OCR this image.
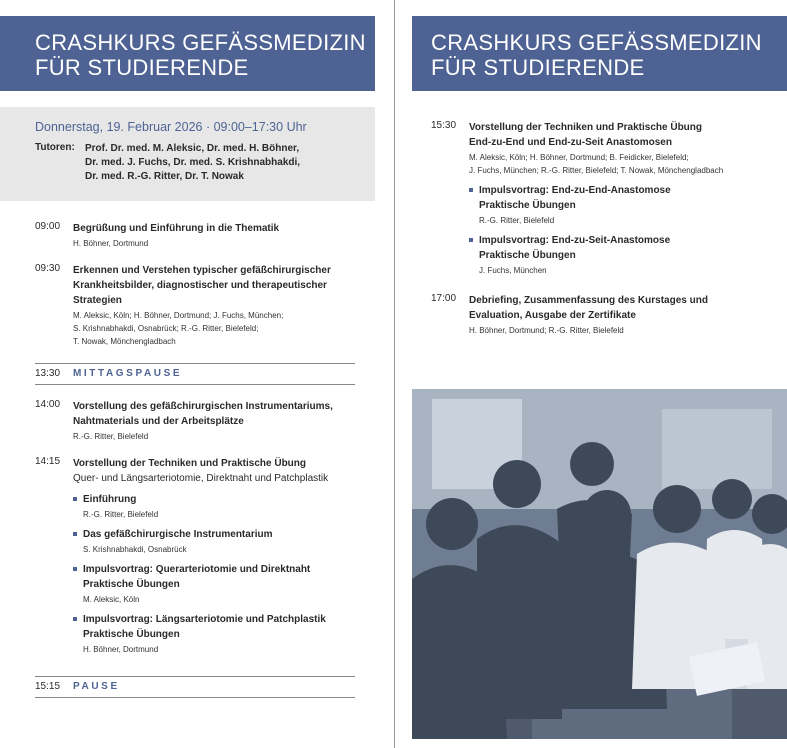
CRASHKURS GEFÄSSMEDIZIN
FÜR STUDIERENDE
Donnerstag, 19. Februar 2026 · 09:00–17:30 Uhr
Tutoren: Prof. Dr. med. M. Aleksic, Dr. med. H. Böhner,
Dr. med. J. Fuchs, Dr. med. S. Krishnabhakdi,
Dr. med. R.-G. Ritter, Dr. T. Nowak
09:00 Begrüßung und Einführung in die Thematik
H. Böhner, Dortmund
09:30 Erkennen und Verstehen typischer gefäßchirurgischer
Krankheitsbilder, diagnostischer und therapeutischer
Strategien
M. Aleksic, Köln; H. Böhner, Dortmund; J. Fuchs, München;
S. Krishnabhakdi, Osnabrück; R.-G. Ritter, Bielefeld;
T. Nowak, Mönchengladbach
13:30 MITTAGSPAUSE
14:00 Vorstellung des gefäßchirurgischen Instrumentariums,
Nahtmaterials und der Arbeitsplätze
R.-G. Ritter, Bielefeld
14:15 Vorstellung der Techniken und Praktische Übung
Quer- und Längsarteriotomie, Direktnaht und Patchplastik
Einführung
R.-G. Ritter, Bielefeld
Das gefäßchirurgische Instrumentarium
S. Krishnabhakdi, Osnabrück
Impulsvortrag: Querarteriotomie und Direktnaht
Praktische Übungen
M. Aleksic, Köln
Impulsvortrag: Längsarteriotomie und Patchplastik
Praktische Übungen
H. Böhner, Dortmund
15:15 PAUSE
CRASHKURS GEFÄSSMEDIZIN
FÜR STUDIERENDE
15:30 Vorstellung der Techniken und Praktische Übung
End-zu-End und End-zu-Seit Anastomosen
M. Aleksic, Köln; H. Böhner, Dortmund; B. Feidicker, Bielefeld;
J. Fuchs, München; R.-G. Ritter, Bielefeld; T. Nowak, Mönchengladbach
Impulsvortrag: End-zu-End-Anastomose
Praktische Übungen
R.-G. Ritter, Bielefeld
Impulsvortrag: End-zu-Seit-Anastomose
Praktische Übungen
J. Fuchs, München
17:00 Debriefing, Zusammenfassung des Kurstages und
Evaluation, Ausgabe der Zertifikate
H. Böhner, Dortmund; R.-G. Ritter, Bielefeld
